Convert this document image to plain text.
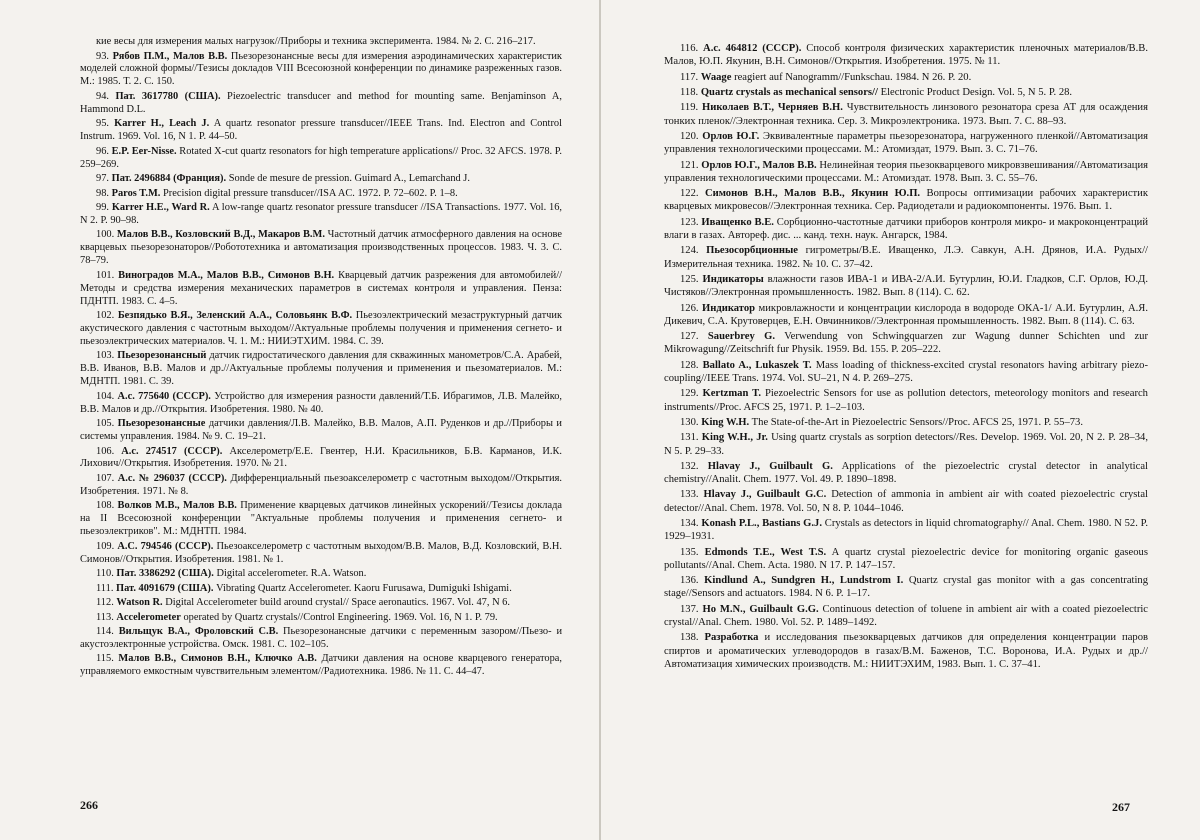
кие весы для измерения малых нагрузок//Приборы и техника эксперимента. 1984. № 2. С. 216–217.

93. Рябов П.М., Малов В.В. Пьезорезонансные весы для измерения аэродинамических характеристик моделей сложной формы//Тезисы докладов VIII Всесоюзной конференции по динамике разреженных газов. М.: 1985. Т. 2. С. 150.

94. Пат. 3617780 (США). Piezoelectric transducer and method for mounting same. Benjaminson A, Hammond D.L.

95. Karrer H., Leach J. A quartz resonator pressure transducer//IEEE Trans. Ind. Electron and Control Instrum. 1969. Vol. 16, N 1. P. 44–50.

96. E.P. Eer-Nisse. Rotated X-cut quartz resonators for high temperature applications// Proc. 32 AFCS. 1978. P. 259–269.

97. Пат. 2496884 (Франция). Sonde de mesure de pression. Guimard A., Lemarchand J.

98. Paros T.M. Precision digital pressure transducer//ISA AC. 1972. P. 72–602. P. 1–8.

99. Karrer H.E., Ward R. A low-range quartz resonator pressure transducer //ISA Transactions. 1977. Vol. 16, N 2. P. 90–98.

100. Малов В.В., Козловский В.Д., Макаров В.М. Частотный датчик атмосферного давления на основе кварцевых пьезорезонаторов//Робототехника и автоматизация производственных процессов. 1983. Ч. 3. С. 78–79.

101. Виноградов М.А., Малов В.В., Симонов В.Н. Кварцевый датчик разрежения для автомобилей//Методы и средства измерения механических параметров в системах контроля и управления. Пенза: ПДНТП. 1983. С. 4–5.

102. Безпядько В.Я., Зеленский А.А., Соловьянк В.Ф. Пьезоэлектрический мезаструктурный датчик акустического давления с частотным выходом//Актуальные проблемы получения и применения сегнето- и пьезоэлектрических материалов. Ч. 1. М.: НИИЭТХИМ. 1984. С. 39.

103. Пьезорезонансный датчик гидростатического давления для скважинных манометров/С.А. Арабей, В.В. Иванов, В.В. Малов и др.//Актуальные проблемы получения и применения и пьезоматериалов. М.: МДНТП. 1981. С. 39.

104. А.с. 775640 (СССР). Устройство для измерения разности давлений/Т.Б. Ибрагимов, Л.В. Малейко, В.В. Малов и др.//Открытия. Изобретения. 1980. № 40.

105. Пьезорезонансные датчики давления/Л.В. Малейко, В.В. Малов, А.П. Руденков и др.//Приборы и системы управления. 1984. № 9. С. 19–21.

106. А.с. 274517 (СССР). Акселерометр/Е.Е. Гвентер, Н.И. Красильников, Б.В. Карманов, И.К. Лихович//Открытия. Изобретения. 1970. № 21.

107. А.с. № 296037 (СССР). Дифференциальный пьезоакселерометр с частотным выходом//Открытия. Изобретения. 1971. № 8.

108. Волков М.В., Малов В.В. Применение кварцевых датчиков линейных ускорений//Тезисы доклада на II Всесоюзной конференции "Актуальные проблемы получения и применения сегнето- и пьезоэлектриков". М.: МДНТП. 1984.

109. А.С. 794546 (СССР). Пьезоакселерометр с частотным выходом/В.В. Малов, В.Д. Козловский, В.Н. Симонов//Открытия. Изобретения. 1981. № 1.

110. Пат. 3386292 (США). Digital accelerometer. R.A. Watson.

111. Пат. 4091679 (США). Vibrating Quartz Accelerometer. Kaoru Furusawa, Dumiguki Ishigami.

112. Watson R. Digital Accelerometer build around crystal// Space aeronautics. 1967. Vol. 47, N 6.

113. Accelerometer operated by Quartz crystals//Control Engineering. 1969. Vol. 16, N 1. P. 79.

114. Вильщук В.А., Фроловский С.В. Пьезорезонансные датчики с переменным зазором//Пьезо- и акустоэлектронные устройства. Омск. 1981. С. 102–105.

115. Малов В.В., Симонов В.Н., Ключко А.В. Датчики давления на основе кварцевого генератора, управляемого емкостным чувствительным элементом//Радиотехника. 1986. № 11. С. 44–47.

266

116. А.с. 464812 (СССР). Способ контроля физических характеристик пленочных материалов/В.В. Малов, Ю.П. Якунин, В.Н. Симонов//Открытия. Изобретения. 1975. № 11.

117. Waage reagiert auf Nanogramm//Funkschau. 1984. N 26. P. 20.

118. Quartz crystals as mechanical sensors// Electronic Product Design. Vol. 5, N 5. P. 28.

119. Николаев В.Т., Черняев В.Н. Чувствительность линзового резонатора среза АТ для осаждения тонких пленок//Электронная техника. Сер. 3. Микроэлектроника. 1973. Вып. 7. С. 88–93.

120. Орлов Ю.Г. Эквивалентные параметры пьезорезонатора, нагруженного пленкой//Автоматизация управления технологическими процессами. М.: Атомиздат, 1979. Вып. 3. С. 71–76.

121. Орлов Ю.Г., Малов В.В. Нелинейная теория пьезокварцевого микровзвешивания//Автоматизация управления технологическими процессами. М.: Атомиздат. 1978. Вып. 3. С. 55–76.

122. Симонов В.Н., Малов В.В., Якунин Ю.П. Вопросы оптимизации рабочих характеристик кварцевых микровесов//Электронная техника. Сер. Радиодетали и радиокомпоненты. 1976. Вып. 1.

123. Иващенко В.Е. Сорбционно-частотные датчики приборов контроля микро- и макроконцентраций влаги в газах. Автореф. дис. ... канд. техн. наук. Ангарск, 1984.

124. Пьезосорбционные гигрометры/В.Е. Иващенко, Л.Э. Савкун, А.Н. Дрянов, И.А. Рудых//Измерительная техника. 1982. № 10. С. 37–42.

125. Индикаторы влажности газов ИВА-1 и ИВА-2/А.И. Бутурлин, Ю.И. Гладков, С.Г. Орлов, Ю.Д. Чистяков//Электронная промышленность. 1982. Вып. 8 (114). С. 62.

126. Индикатор микровлажности и концентрации кислорода в водороде ОКА-1/ А.И. Бутурлин, А.Я. Дикевич, С.А. Крутоверцев, Е.Н. Овчинников//Электронная промышленность. 1982. Вып. 8 (114). С. 63.

127. Sauerbrey G. Verwendung von Schwingquarzen zur Wagung dunner Schichten und zur Mikrowagung//Zeitschrift fur Physik. 1959. Bd. 155. P. 205–222.

128. Ballato A., Lukaszek T. Mass loading of thickness-excited crystal resonators having arbitrary piezo-coupling//IEEE Trans. 1974. Vol. SU–21, N 4. P. 269–275.

129. Kertzman T. Piezoelectric Sensors for use as pollution detectors, meteorology monitors and research instruments//Proc. AFCS 25, 1971. P. 1–2–103.

130. King W.H. The State-of-the-Art in Piezoelectric Sensors//Proc. AFCS 25, 1971. P. 55–73.

131. King W.H., Jr. Using quartz crystals as sorption detectors//Res. Develop. 1969. Vol. 20, N 2. P. 28–34, N 5. P. 29–33.

132. Hlavay J., Guilbault G. Applications of the piezoelectric crystal detector in analytical chemistry//Analit. Chem. 1977. Vol. 49. P. 1890–1898.

133. Hlavay J., Guilbault G.C. Detection of ammonia in ambient air with coated piezoelectric crystal detector//Anal. Chem. 1978. Vol. 50, N 8. P. 1044–1046.

134. Konash P.L., Bastians G.J. Crystals as detectors in liquid chromatography// Anal. Chem. 1980. N 52. P. 1929–1931.

135. Edmonds T.E., West T.S. A quartz crystal piezoelectric device for monitoring organic gaseous pollutants//Anal. Chem. Acta. 1980. N 17. P. 147–157.

136. Kindlund A., Sundgren H., Lundstrom I. Quartz crystal gas monitor with a gas concentrating stage//Sensors and actuators. 1984. N 6. P. 1–17.

137. Ho M.N., Guilbault G.G. Continuous detection of toluene in ambient air with a coated piezoelectric crystal//Anal. Chem. 1980. Vol. 52. P. 1489–1492.

138. Разработка и исследования пьезокварцевых датчиков для определения концентрации паров спиртов и ароматических углеводородов в газах/В.М. Баженов, Т.С. Воронова, И.А. Рудых и др.//Автоматизация химических производств. М.: НИИТЭХИМ, 1983. Вып. 1. С. 37–41.

267
